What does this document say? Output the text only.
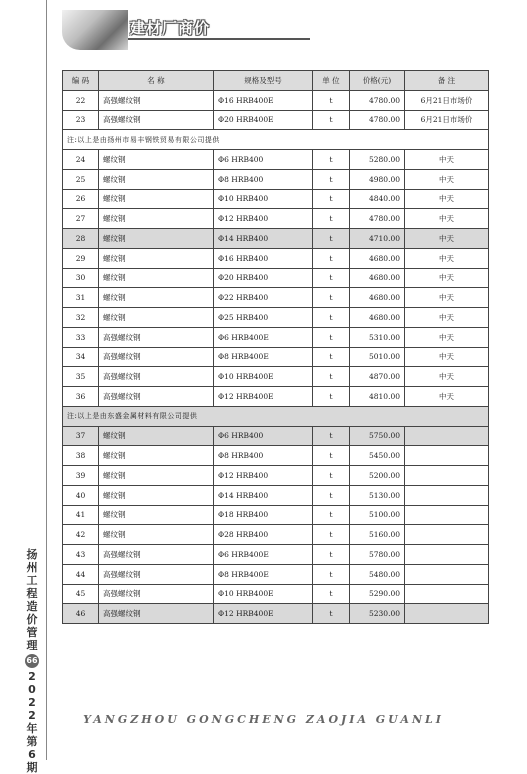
建材厂商价
编 码	名 称	规格及型号	单 位	价格(元)	备 注
22	高强螺纹钢	Φ16 HRB400E	t	4780.00	6月21日市场价
23	高强螺纹钢	Φ20 HRB400E	t	4780.00	6月21日市场价
注:以上是由扬州市易丰钢铁贸易有限公司提供					
24	螺纹钢	Φ6 HRB400	t	5280.00	中天
25	螺纹钢	Φ8 HRB400	t	4980.00	中天
26	螺纹钢	Φ10 HRB400	t	4840.00	中天
27	螺纹钢	Φ12 HRB400	t	4780.00	中天
28	螺纹钢	Φ14 HRB400	t	4710.00	中天
29	螺纹钢	Φ16 HRB400	t	4680.00	中天
30	螺纹钢	Φ20 HRB400	t	4680.00	中天
31	螺纹钢	Φ22 HRB400	t	4680.00	中天
32	螺纹钢	Φ25 HRB400	t	4680.00	中天
33	高强螺纹钢	Φ6 HRB400E	t	5310.00	中天
34	高强螺纹钢	Φ8 HRB400E	t	5010.00	中天
35	高强螺纹钢	Φ10 HRB400E	t	4870.00	中天
36	高强螺纹钢	Φ12 HRB400E	t	4810.00	中天
注:以上是由东盛金属材料有限公司提供					
37	螺纹钢	Φ6 HRB400	t	5750.00	
38	螺纹钢	Φ8 HRB400	t	5450.00	
39	螺纹钢	Φ12 HRB400	t	5200.00	
40	螺纹钢	Φ14 HRB400	t	5130.00	
41	螺纹钢	Φ18 HRB400	t	5100.00	
42	螺纹钢	Φ28 HRB400	t	5160.00	
43	高强螺纹钢	Φ6 HRB400E	t	5780.00	
44	高强螺纹钢	Φ8 HRB400E	t	5480.00	
45	高强螺纹钢	Φ10 HRB400E	t	5290.00	
46	高强螺纹钢	Φ12 HRB400E	t	5230.00	
扬
州
工
程
造
价
管
理
66
2
0
2
2
年
第
6
期
YANGZHOU GONGCHENG ZAOJIA GUANLI
